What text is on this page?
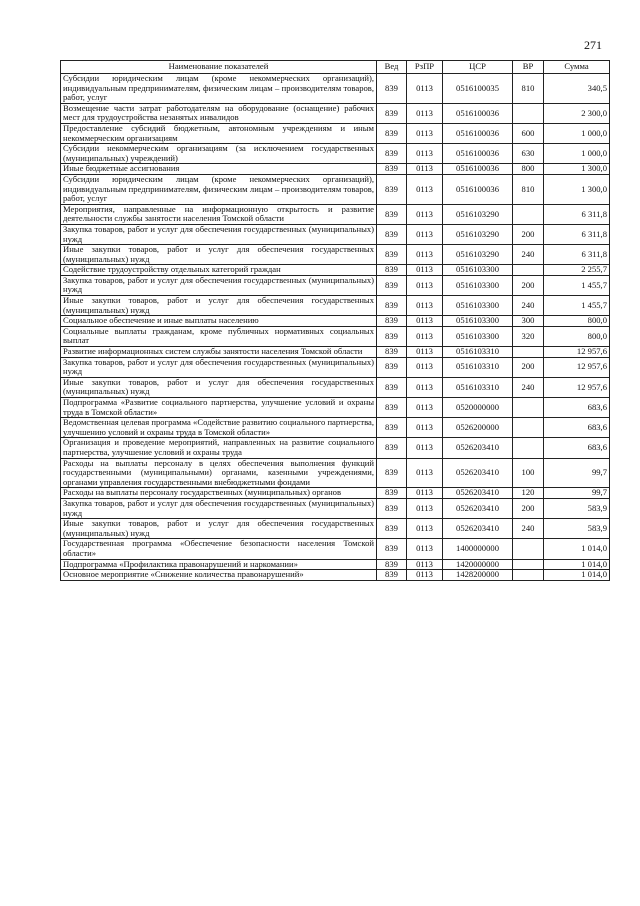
271
Наименование показателей	Вед	РзПР	ЦСР	ВР	Сумма
Субсидии юридическим лицам (кроме некоммерческих организаций), индивидуальным предпринимателям, физическим лицам – производителям товаров, работ, услуг	839	0113	0516100035	810	340,5
Возмещение части затрат работодателям на оборудование (оснащение) рабочих мест для трудоустройства незанятых инвалидов	839	0113	0516100036		2 300,0
Предоставление субсидий бюджетным, автономным учреждениям и иным некоммерческим организациям	839	0113	0516100036	600	1 000,0
Субсидии некоммерческим организациям (за исключением государственных (муниципальных) учреждений)	839	0113	0516100036	630	1 000,0
Иные бюджетные ассигнования	839	0113	0516100036	800	1 300,0
Субсидии юридическим лицам (кроме некоммерческих организаций), индивидуальным предпринимателям, физическим лицам – производителям товаров, работ, услуг	839	0113	0516100036	810	1 300,0
Мероприятия, направленные на информационную открытость и развитие деятельности службы занятости населения Томской области	839	0113	0516103290		6 311,8
Закупка товаров, работ и услуг для обеспечения государственных (муниципальных) нужд	839	0113	0516103290	200	6 311,8
Иные закупки товаров, работ и услуг для обеспечения государственных (муниципальных) нужд	839	0113	0516103290	240	6 311,8
Содействие трудоустройству отдельных категорий граждан	839	0113	0516103300		2 255,7
Закупка товаров, работ и услуг для обеспечения государственных (муниципальных) нужд	839	0113	0516103300	200	1 455,7
Иные закупки товаров, работ и услуг для обеспечения государственных (муниципальных) нужд	839	0113	0516103300	240	1 455,7
Социальное обеспечение и иные выплаты населению	839	0113	0516103300	300	800,0
Социальные выплаты гражданам, кроме публичных нормативных социальных выплат	839	0113	0516103300	320	800,0
Развитие информационных систем службы занятости населения Томской области	839	0113	0516103310		12 957,6
Закупка товаров, работ и услуг для обеспечения государственных (муниципальных) нужд	839	0113	0516103310	200	12 957,6
Иные закупки товаров, работ и услуг для обеспечения государственных (муниципальных) нужд	839	0113	0516103310	240	12 957,6
Подпрограмма «Развитие социального партнерства, улучшение условий и охраны труда в Томской области»	839	0113	0520000000		683,6
Ведомственная целевая программа «Содействие развитию социального партнерства, улучшению условий и охраны труда в Томской области»	839	0113	0526200000		683,6
Организация и проведение мероприятий, направленных на развитие социального партнерства, улучшение условий и охраны труда	839	0113	0526203410		683,6
Расходы на выплаты персоналу в целях обеспечения выполнения функций государственными (муниципальными) органами, казенными учреждениями, органами управления государственными внебюджетными фондами	839	0113	0526203410	100	99,7
Расходы на выплаты персоналу государственных (муниципальных) органов	839	0113	0526203410	120	99,7
Закупка товаров, работ и услуг для обеспечения государственных (муниципальных) нужд	839	0113	0526203410	200	583,9
Иные закупки товаров, работ и услуг для обеспечения государственных (муниципальных) нужд	839	0113	0526203410	240	583,9
Государственная программа «Обеспечение безопасности населения Томской области»	839	0113	1400000000		1 014,0
Подпрограмма «Профилактика правонарушений и наркомании»	839	0113	1420000000		1 014,0
Основное мероприятие «Снижение количества правонарушений»	839	0113	1428200000		1 014,0
